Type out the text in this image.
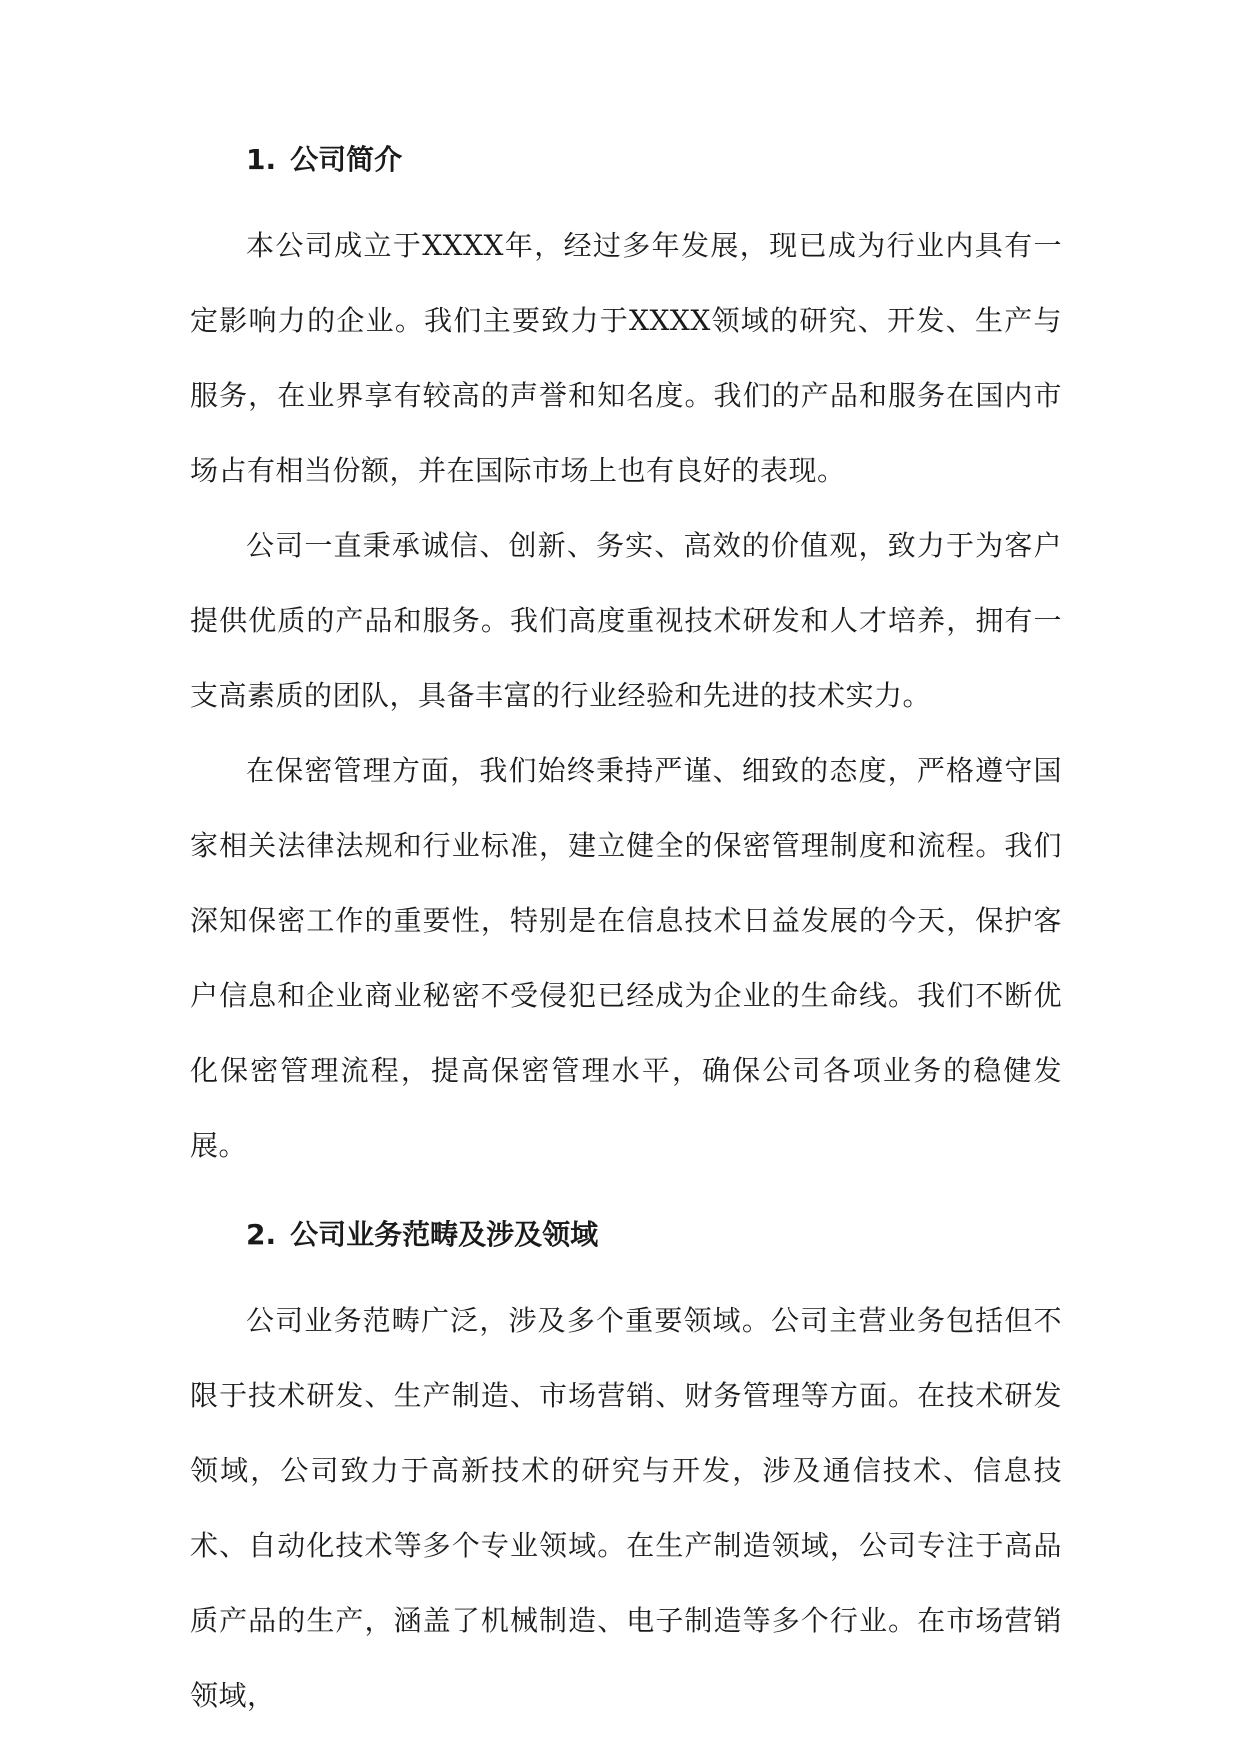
1. 公司简介

本公司成立于XXXX年，经过多年发展，现已成为行业内具有一定影响力的企业。我们主要致力于XXXX领域的研究、开发、生产与服务，在业界享有较高的声誉和知名度。我们的产品和服务在国内市场占有相当份额，并在国际市场上也有良好的表现。

公司一直秉承诚信、创新、务实、高效的价值观，致力于为客户提供优质的产品和服务。我们高度重视技术研发和人才培养，拥有一支高素质的团队，具备丰富的行业经验和先进的技术实力。

在保密管理方面，我们始终秉持严谨、细致的态度，严格遵守国家相关法律法规和行业标准，建立健全的保密管理制度和流程。我们深知保密工作的重要性，特别是在信息技术日益发展的今天，保护客户信息和企业商业秘密不受侵犯已经成为企业的生命线。我们不断优化保密管理流程，提高保密管理水平，确保公司各项业务的稳健发展。

2. 公司业务范畴及涉及领域

公司业务范畴广泛，涉及多个重要领域。公司主营业务包括但不限于技术研发、生产制造、市场营销、财务管理等方面。在技术研发领域，公司致力于高新技术的研究与开发，涉及通信技术、信息技术、自动化技术等多个专业领域。在生产制造领域，公司专注于高品质产品的生产，涵盖了机械制造、电子制造等多个行业。在市场营销领域，
